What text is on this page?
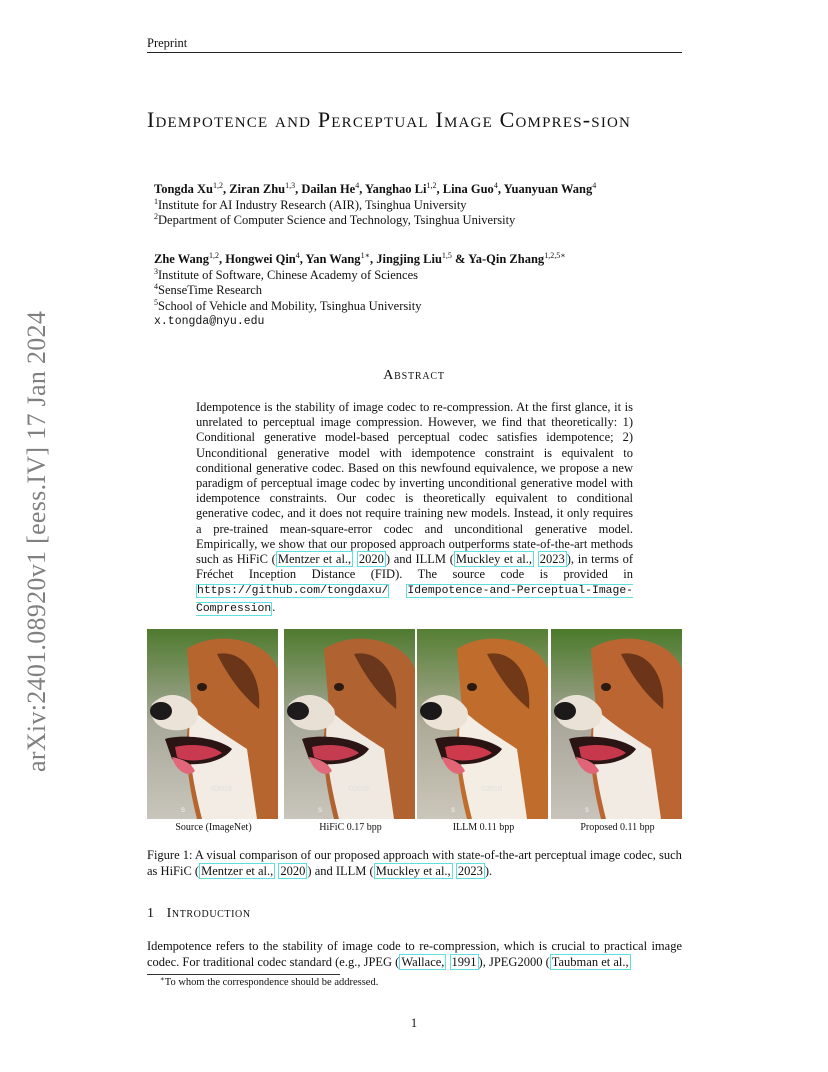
Preprint
arXiv:2401.08920v1 [eess.IV] 17 Jan 2024
Idempotence and Perceptual Image Compres-sion
Tongda Xu$^{1,2}$, Ziran Zhu$^{1,3}$, Dailan He$^4$, Yanghao Li$^{1,2}$, Lina Guo$^4$, Yuanyuan Wang$^4$
$^1$Institute for AI Industry Research (AIR), Tsinghua University
$^2$Department of Computer Science and Technology, Tsinghua University
Zhe Wang$^{1,2}$, Hongwei Qin$^4$, Yan Wang$^{1∗}$, Jingjing Liu$^{1,5}$ & Ya-Qin Zhang$^{1,2,5∗}$
$^3$Institute of Software, Chinese Academy of Sciences
$^4$SenseTime Research
$^5$School of Vehicle and Mobility, Tsinghua University
x.tongda@nyu.edu
Abstract
Idempotence is the stability of image codec to re-compression. At the first glance, it is unrelated to perceptual image compression. However, we find that theoretically: 1) Conditional generative model-based perceptual codec satisfies idempotence; 2) Unconditional generative model with idempotence constraint is equivalent to conditional generative codec. Based on this newfound equivalence, we propose a new paradigm of perceptual image codec by inverting unconditional generative model with idempotence constraints. Our codec is theoretically equivalent to conditional generative codec, and it does not require training new models. Instead, it only requires a pre-trained mean-square-error codec and unconditional generative model. Empirically, we show that our proposed approach outperforms state-of-the-art methods such as HiFiC ( Mentzer et al., 2020 ) and ILLM ( Muckley et al., 2023 ), in terms of Fréchet Inception Distance (FID). The source code is provided in https://github.com/tongdaxu/ Idempotence-and-Perceptual-Image-Compression.
©2010
s
©2010
s
©2010
s	s
Source (ImageNet)	HiFiC 0.17 bpp	ILLM 0.11 bpp	Proposed 0.11 bpp
Figure 1: A visual comparison of our proposed approach with state-of-the-art perceptual image codec, such as HiFiC ( Mentzer et al., 2020 ) and ILLM ( Muckley et al., 2023 ).
1 Introduction
Idempotence refers to the stability of image code to re-compression, which is crucial to practical image codec. For traditional codec standard (e.g., JPEG ( Wallace, 1991 ), JPEG2000 ( Taubman et al.,
∗To whom the correspondence should be addressed.
1
